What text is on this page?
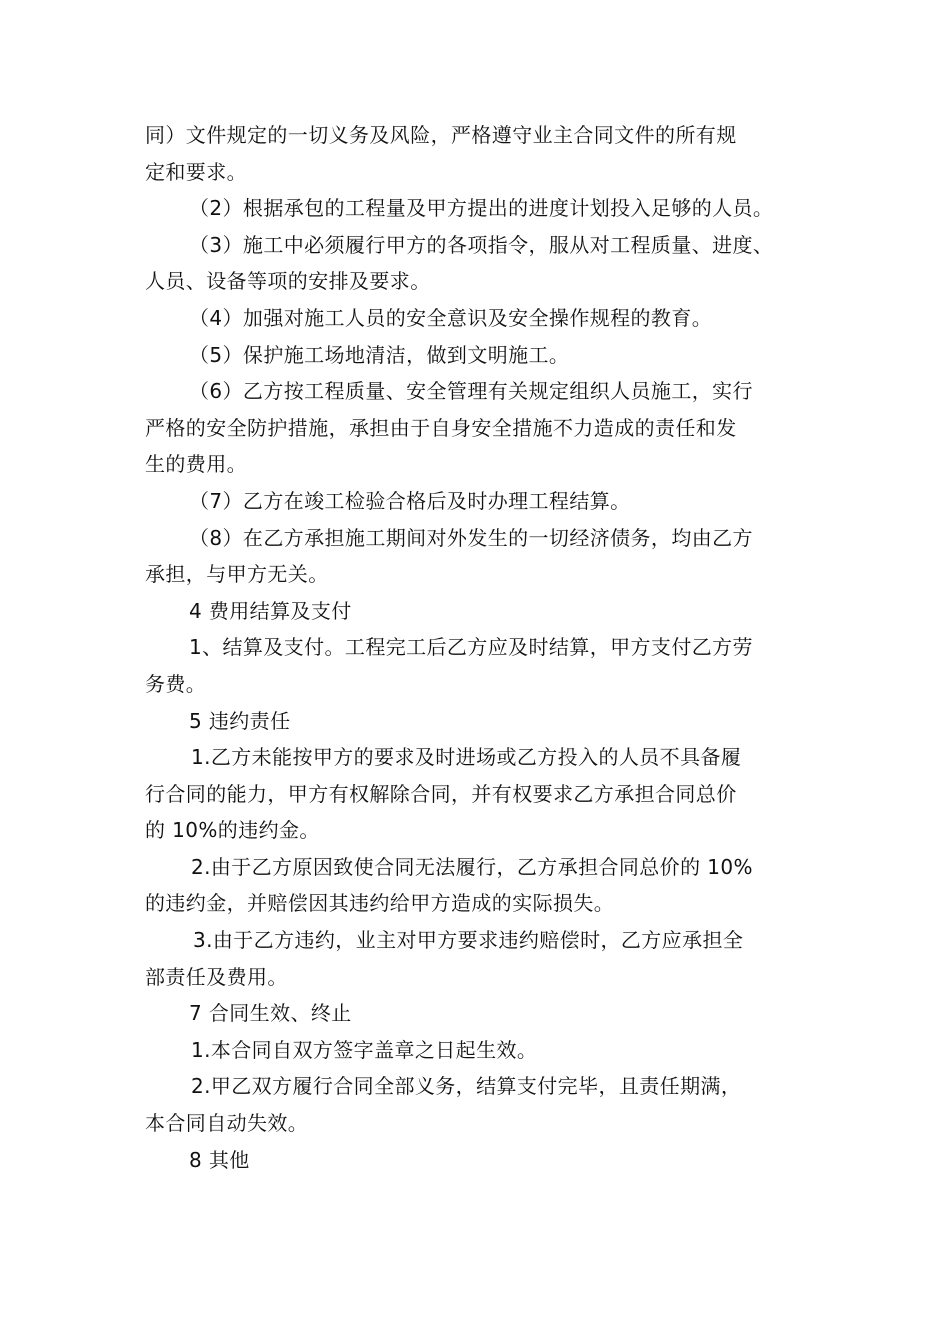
同）文件规定的一切义务及风险，严格遵守业主合同文件的所有规

定和要求。

（2）根据承包的工程量及甲方提出的进度计划投入足够的人员。

（3）施工中必须履行甲方的各项指令，服从对工程质量、进度、

人员、设备等项的安排及要求。

（4）加强对施工人员的安全意识及安全操作规程的教育。

（5）保护施工场地清洁，做到文明施工。

（6）乙方按工程质量、安全管理有关规定组织人员施工，实行

严格的安全防护措施，承担由于自身安全措施不力造成的责任和发

生的费用。

（7）乙方在竣工检验合格后及时办理工程结算。

（8）在乙方承担施工期间对外发生的一切经济债务，均由乙方

承担，与甲方无关。

4 费用结算及支付

1、结算及支付。工程完工后乙方应及时结算，甲方支付乙方劳

务费。

5 违约责任

1.乙方未能按甲方的要求及时进场或乙方投入的人员不具备履

行合同的能力，甲方有权解除合同，并有权要求乙方承担合同总价

的 10%的违约金。

2.由于乙方原因致使合同无法履行，乙方承担合同总价的 10%

的违约金，并赔偿因其违约给甲方造成的实际损失。

3.由于乙方违约，业主对甲方要求违约赔偿时，乙方应承担全

部责任及费用。

7 合同生效、终止

1.本合同自双方签字盖章之日起生效。

2.甲乙双方履行合同全部义务，结算支付完毕，且责任期满，

本合同自动失效。

8 其他
